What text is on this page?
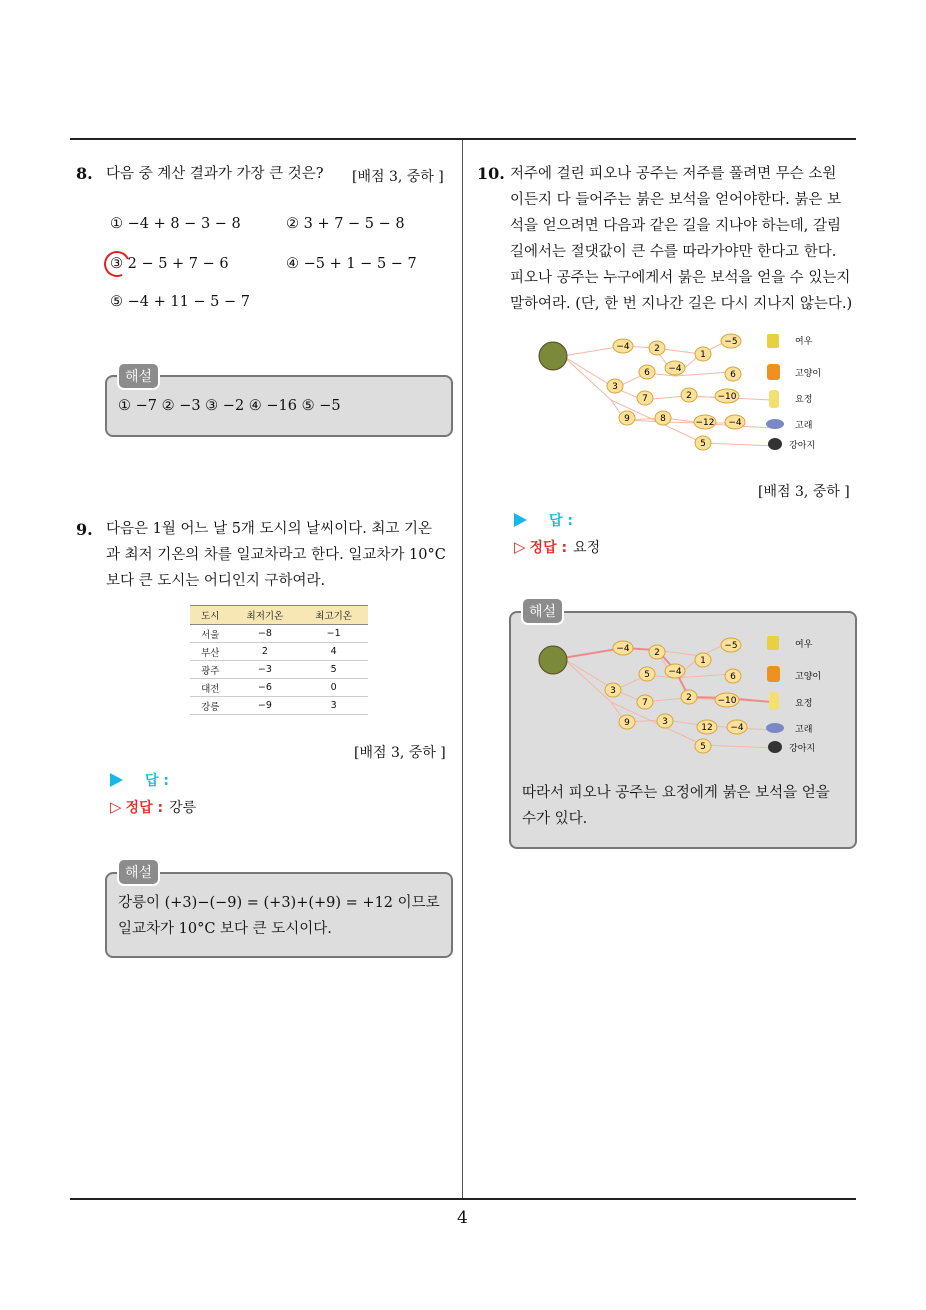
8. 다음 중 계산 결과가 가장 큰 것은? [배점 3, 중하 ]
① −4 + 8 − 3 − 8	② 3 + 7 − 5 − 8
③ 2 − 5 + 7 − 6	④ −5 + 1 − 5 − 7
⑤ −4 + 11 − 5 − 7
해설
① −7 ② −3 ③ −2 ④ −16 ⑤ −5
9. 다음은 1월 어느 날 5개 도시의 날씨이다. 최고 기온
과 최저 기온의 차를 일교차라고 한다. 일교차가 10°C
보다 큰 도시는 어디인지 구하여라.
도시	최저기온	최고기온
서울	−8	−1
부산	2	4
광주	−3	5
대전	−6	0
강릉	−9	3
[배점 3, 중하 ]
답 :
▷ 정답 : 강릉
해설
강릉이 (+3)−(−9) = (+3)+(+9) = +12 이므로
일교차가 10°C 보다 큰 도시이다.
10. 저주에 걸린 피오나 공주는 저주를 풀려면 무슨 소원
이든지 다 들어주는 붉은 보석을 얻어야한다. 붉은 보
석을 얻으려면 다음과 같은 길을 지나야 하는데, 갈림
길에서는 절댓값이 큰 수를 따라가야만 한다고 한다.
피오나 공주는 누구에게서 붉은 보석을 얻을 수 있는지
말하여라. (단, 한 번 지나간 길은 다시 지나지 않는다.)
−4	2
1
−5
6 −4
6
3
7	2	−10
9	8	−12 −4
5
여우
고양이
요정
고래
강아지
[배점 3, 중하 ]
답 :
▷ 정답 : 요정
해설
−4	2
1
−5
5 −4	6
3
7	2	−10
9	3
12 −4
5
여우
고양이
요정
고래
강아지
따라서 피오나 공주는 요정에게 붉은 보석을 얻을
수가 있다.
4
